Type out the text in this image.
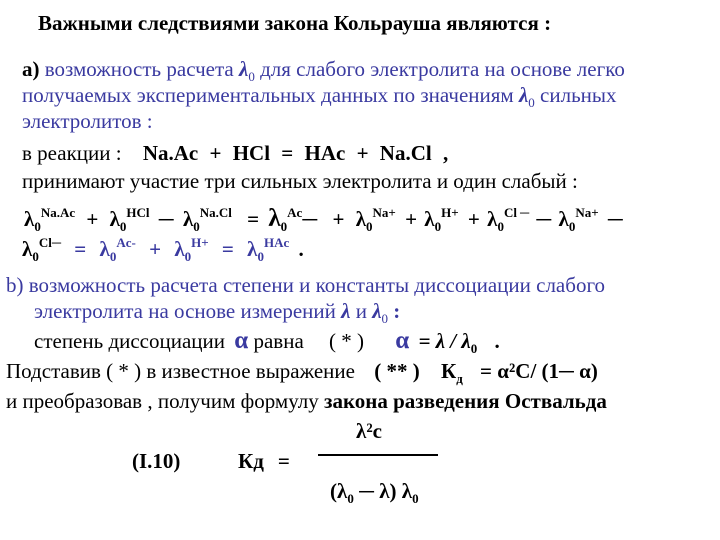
Важными следствиями закона Кольрауша являются :
а) возможность расчета $\lambda_0$ для слабого электролита на основе легко
получаемых экспериментальных данных по значениям $\lambda_0$ сильных
электролитов :
в реакции : Na.Ac + HCl = HAc + Na.Cl ,
принимают участие три сильных электролита и один слабый :
$\lambda_0^{Na.Ac} + \lambda_0^{HCl}$ ─ $\lambda_0^{Na.Cl}$ = $\lambda_0^{Ac}─ + \lambda_0^{Na+} + \lambda_0^{H+} + \lambda_0^{Cl}$ ─ ─ $\lambda_0^{Na+}$ ─
$\lambda_0^{Cl─} = \lambda_0^{Ac-} + \lambda_0^{H+} = \lambda_0^{HAc}$ .
b) возможность расчета степени и константы диссоциации слабого
электролита на основе измерений λ и $\lambda_0$ :
степень диссоциации α равна ( * ) $\alpha = \lambda / \lambda_0$ .
Подставив ( * ) в известное выражение ( ** ) $К_д = \alpha^2С/$ (1─ α)
и преобразовав , получим формулу закона разведения Оствальда
λ²c
(I.10)	Кд =
($\lambda_0$ ─ λ) $\lambda_0$
